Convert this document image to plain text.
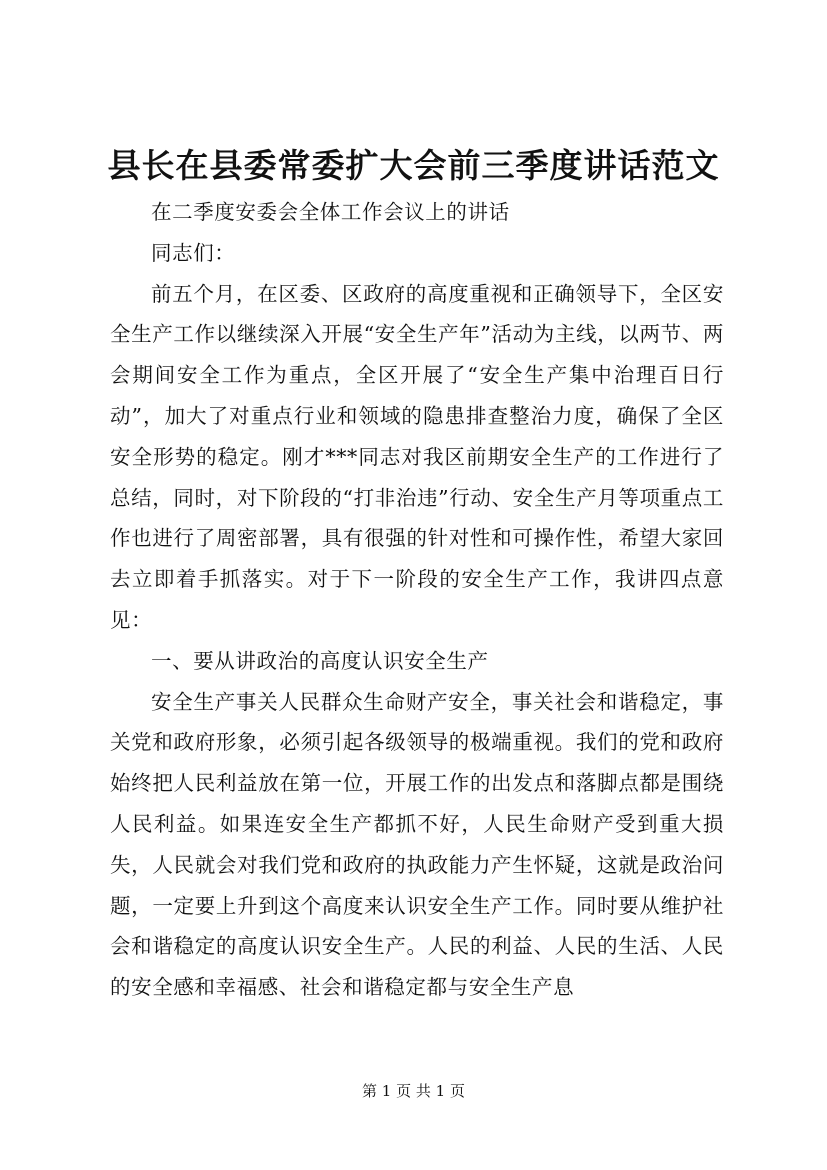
县长在县委常委扩大会前三季度讲话范文

在二季度安委会全体工作会议上的讲话

同志们：

前五个月，在区委、区政府的高度重视和正确领导下，全区安全生产工作以继续深入开展“安全生产年”活动为主线，以两节、两会期间安全工作为重点，全区开展了“安全生产集中治理百日行动”，加大了对重点行业和领域的隐患排查整治力度，确保了全区安全形势的稳定。刚才***同志对我区前期安全生产的工作进行了总结，同时，对下阶段的“打非治违”行动、安全生产月等项重点工作也进行了周密部署，具有很强的针对性和可操作性，希望大家回去立即着手抓落实。对于下一阶段的安全生产工作，我讲四点意见：

一、要从讲政治的高度认识安全生产

安全生产事关人民群众生命财产安全，事关社会和谐稳定，事关党和政府形象，必须引起各级领导的极端重视。我们的党和政府始终把人民利益放在第一位，开展工作的出发点和落脚点都是围绕人民利益。如果连安全生产都抓不好，人民生命财产受到重大损失，人民就会对我们党和政府的执政能力产生怀疑，这就是政治问题，一定要上升到这个高度来认识安全生产工作。同时要从维护社会和谐稳定的高度认识安全生产。人民的利益、人民的生活、人民的安全感和幸福感、社会和谐稳定都与安全生产息

第 1 页 共 1 页
